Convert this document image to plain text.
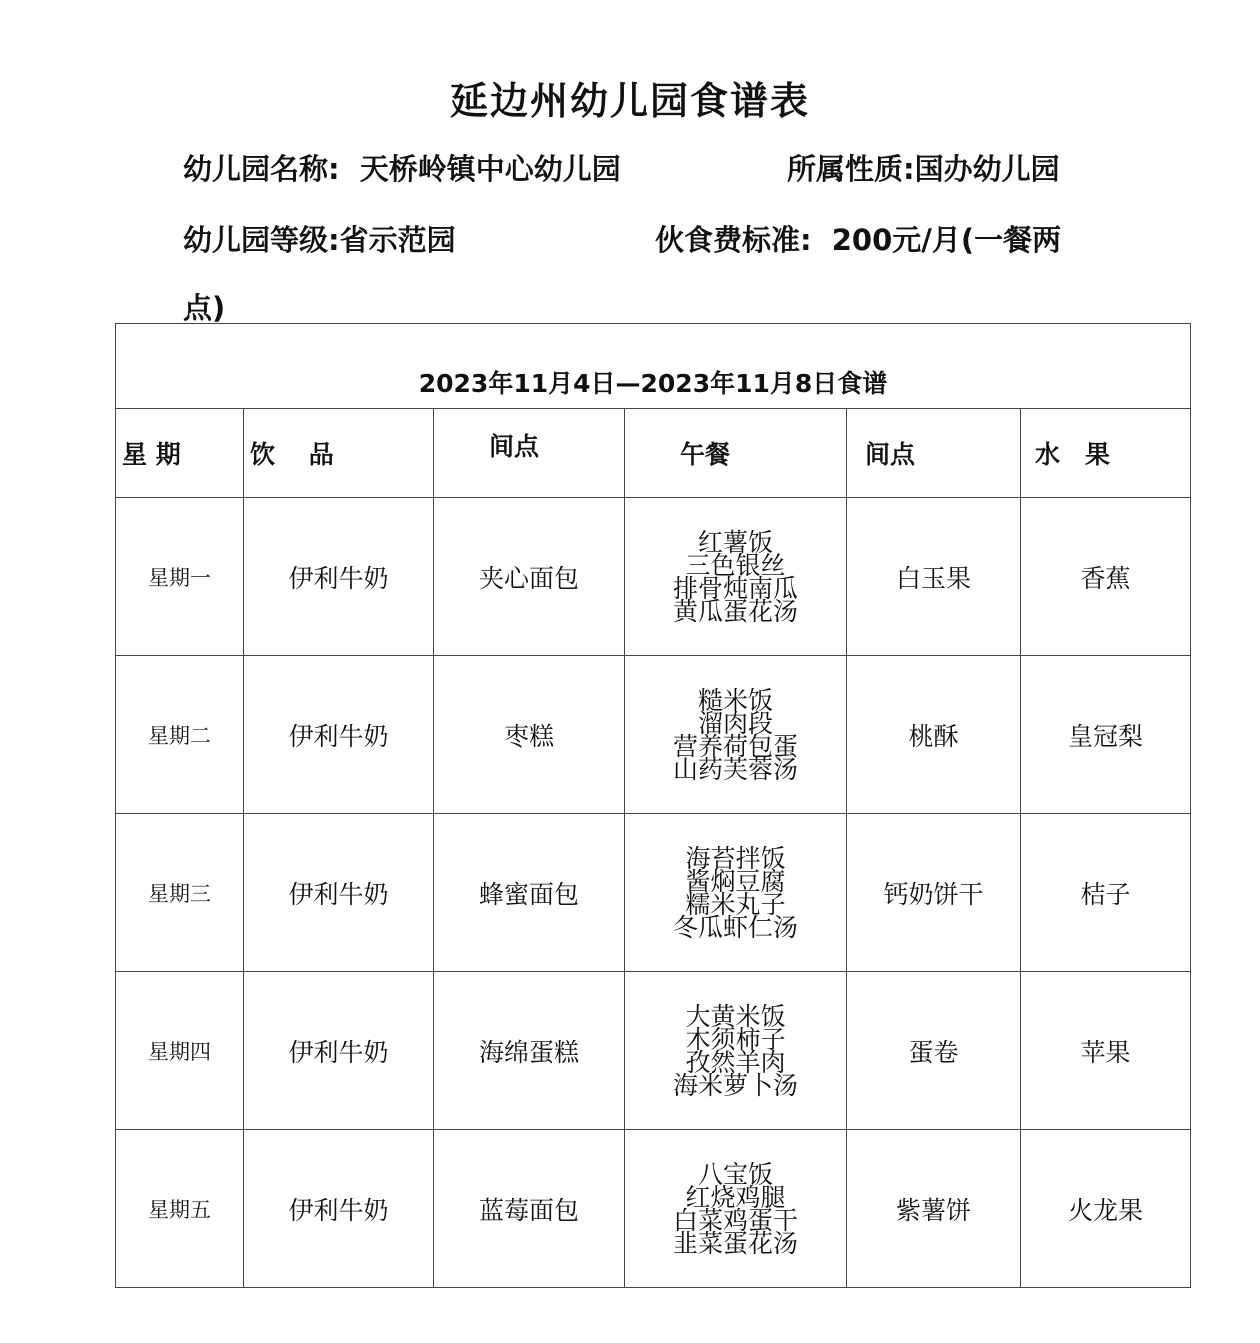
延边州幼儿园食谱表
幼儿园名称: 天桥岭镇中心幼儿园	所属性质:国办幼儿园
幼儿园等级:省示范园	伙食费标准: 200元/月(一餐两
点)
2023年11月4日—2023年11月8日食谱					
星 期	饮　 品	间点	午餐	间点	水　果
星期一	伊利牛奶	夹心面包	红薯饭
三色银丝
排骨炖南瓜
黄瓜蛋花汤	白玉果	香蕉
星期二	伊利牛奶	枣糕	糙米饭
溜肉段
营养荷包蛋
山药芙蓉汤	桃酥	皇冠梨
星期三	伊利牛奶	蜂蜜面包	海苔拌饭
酱焖豆腐
糯米丸子
冬瓜虾仁汤	钙奶饼干	桔子
星期四	伊利牛奶	海绵蛋糕	大黄米饭
木须柿子
孜然羊肉
海米萝卜汤	蛋卷	苹果
星期五	伊利牛奶	蓝莓面包	八宝饭
红烧鸡腿
白菜鸡蛋干
韭菜蛋花汤	紫薯饼	火龙果
